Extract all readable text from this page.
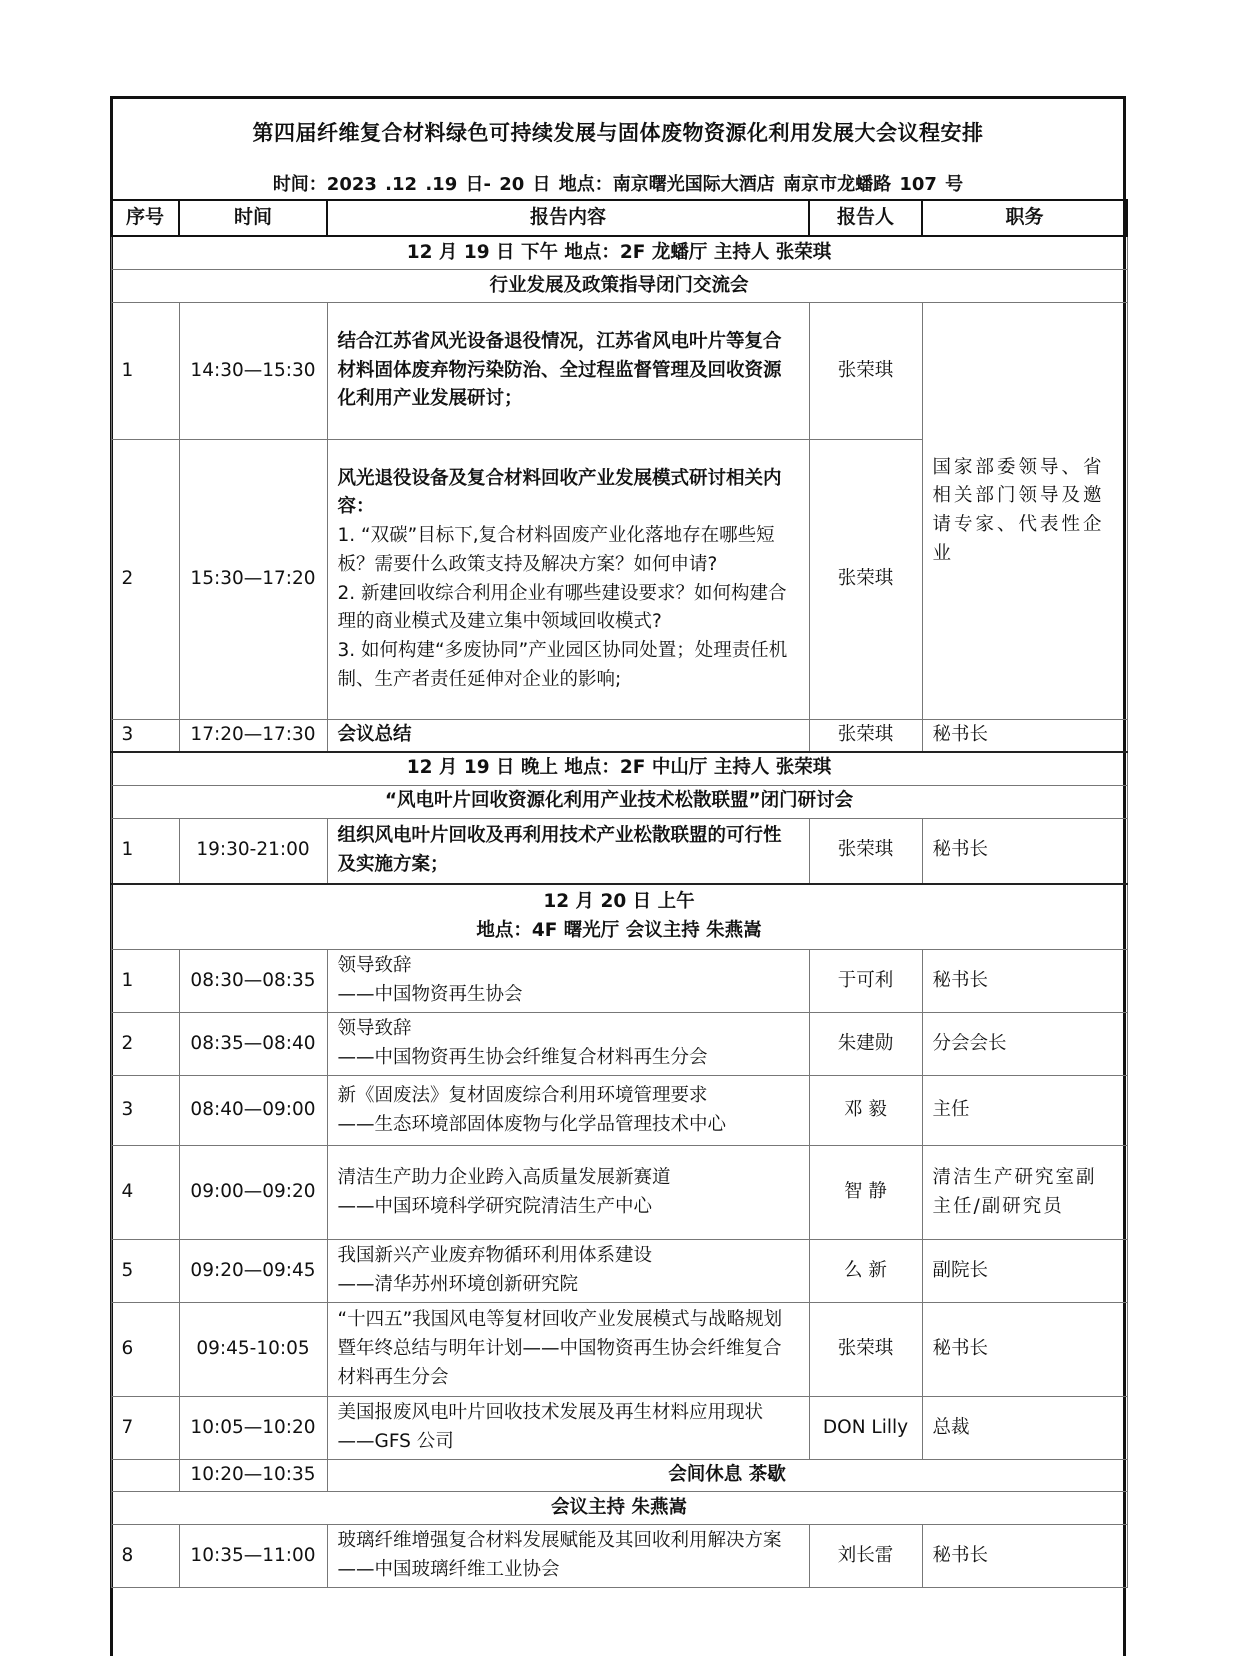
第四届纤维复合材料绿色可持续发展与固体废物资源化利用发展大会议程安排
时间：2023 .12 .19 日- 20 日 地点：南京曙光国际大酒店 南京市龙蟠路 107 号
序号	时间	报告内容	报告人	职务
12 月 19 日 下午 地点：2F 龙蟠厅 主持人 张荣琪				
行业发展及政策指导闭门交流会				
1	14:30—15:30	结合江苏省风光设备退役情况，江苏省风电叶片等复合材料固体废弃物污染防治、全过程监督管理及回收资源化利用产业发展研讨；	张荣琪	国家部委领导、省相关部门领导及邀请专家、代表性企业
2	15:30—17:20	风光退役设备及复合材料回收产业发展模式研讨相关内容：
1. “双碳”目标下,复合材料固废产业化落地存在哪些短板？需要什么政策支持及解决方案？如何申请?
2. 新建回收综合利用企业有哪些建设要求？如何构建合理的商业模式及建立集中领域回收模式?
3. 如何构建“多废协同”产业园区协同处置；处理责任机制、生产者责任延伸对企业的影响;	张荣琪	
3	17:20—17:30	会议总结	张荣琪	秘书长
12 月 19 日 晚上 地点：2F 中山厅 主持人 张荣琪				
“风电叶片回收资源化利用产业技术松散联盟”闭门研讨会				
1	19:30-21:00	组织风电叶片回收及再利用技术产业松散联盟的可行性及实施方案；	张荣琪	秘书长

12 月 20 日 上午
地点：4F 曙光厅 会议主持 朱燕嵩				

1	08:30—08:35	领导致辞
——中国物资再生协会	于可利	秘书长
2	08:35—08:40	领导致辞
——中国物资再生协会纤维复合材料再生分会	朱建勋	分会会长
3	08:40—09:00	新《固废法》复材固废综合利用环境管理要求
——生态环境部固体废物与化学品管理技术中心	邓 毅	主任
4	09:00—09:20	清洁生产助力企业跨入高质量发展新赛道
——中国环境科学研究院清洁生产中心	智 静	清洁生产研究室副主任/副研究员
5	09:20—09:45	我国新兴产业废弃物循环利用体系建设
——清华苏州环境创新研究院	么 新	副院长
6	09:45-10:05	“十四五”我国风电等复材回收产业发展模式与战略规划暨年终总结与明年计划——中国物资再生协会纤维复合材料再生分会	张荣琪	秘书长
7	10:05—10:20	美国报废风电叶片回收技术发展及再生材料应用现状——GFS 公司	DON Lilly	总裁
	10:20—10:35	会间休息 茶歇		
会议主持 朱燕嵩				
8	10:35—11:00	玻璃纤维增强复合材料发展赋能及其回收利用解决方案——中国玻璃纤维工业协会	刘长雷	秘书长
